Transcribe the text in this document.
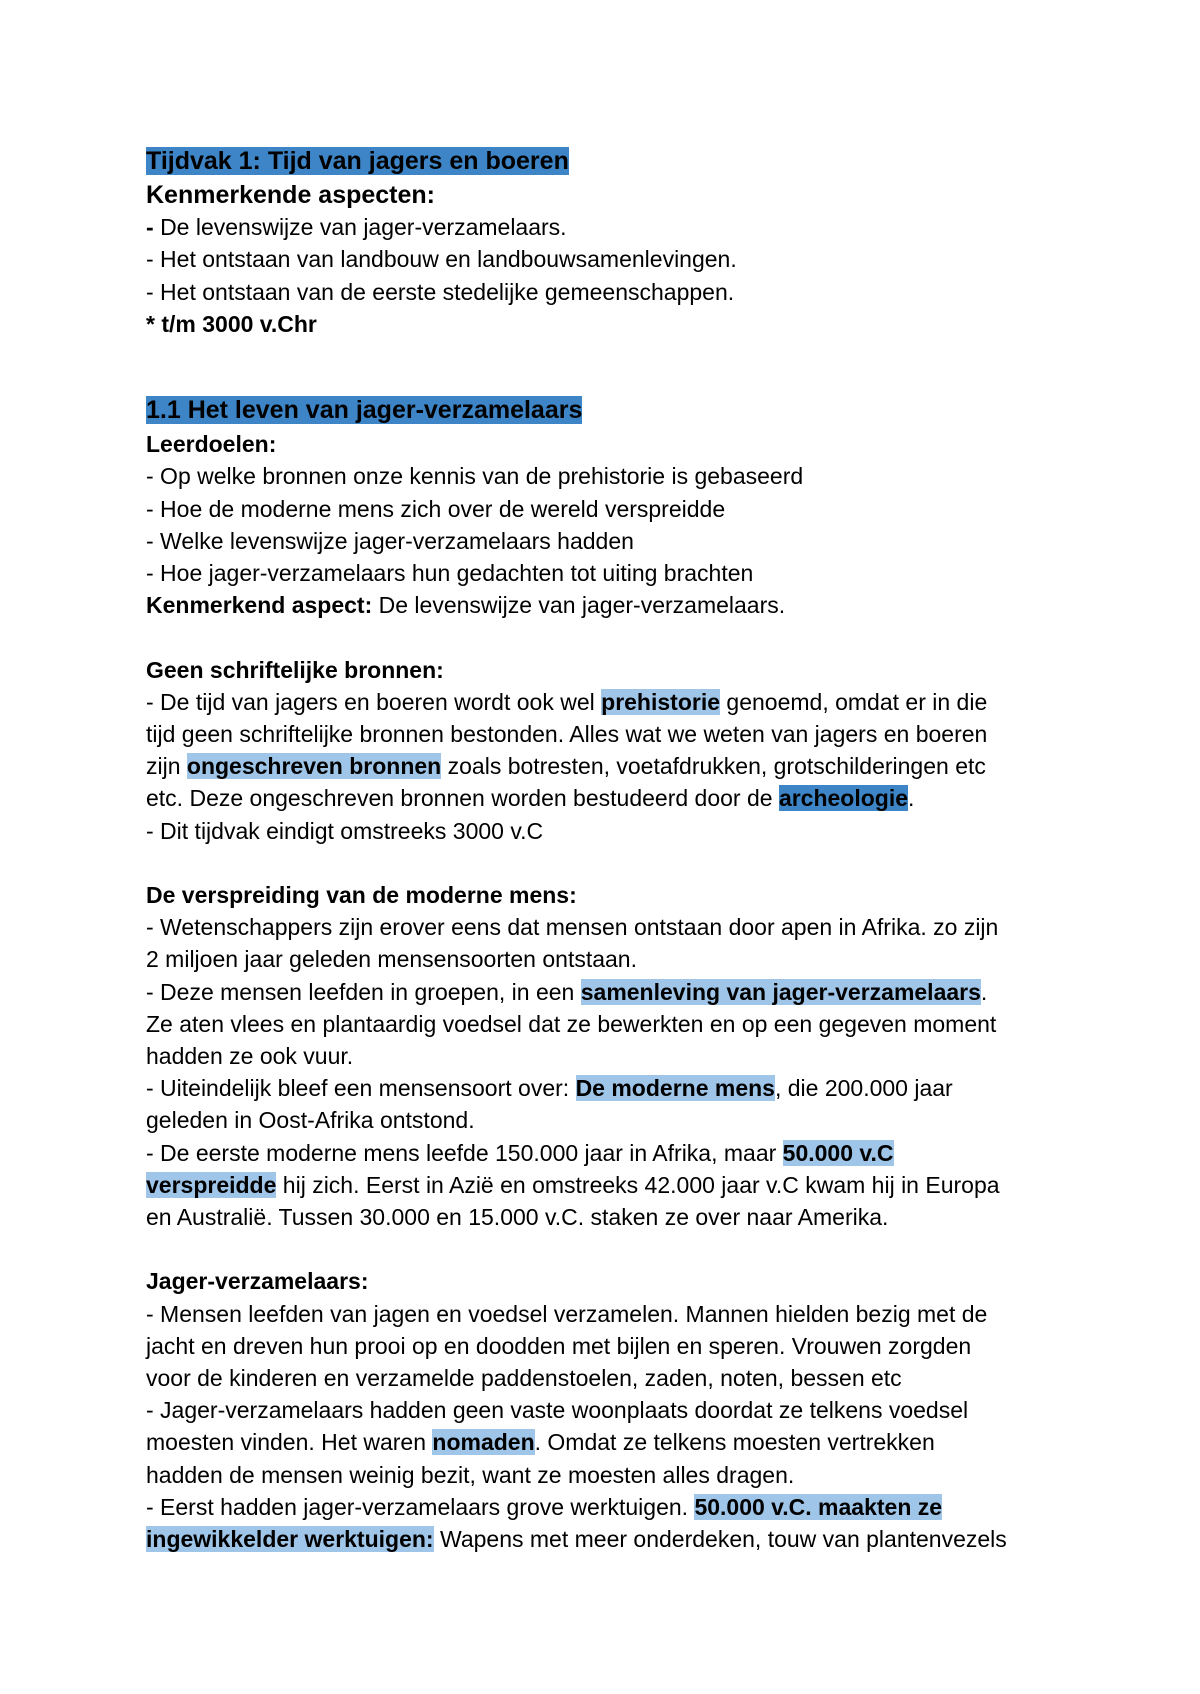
Tijdvak 1: Tijd van jagers en boeren
Kenmerkende aspecten:
- De levenswijze van jager-verzamelaars.
- Het ontstaan van landbouw en landbouwsamenlevingen.
- Het ontstaan van de eerste stedelijke gemeenschappen.
* t/m 3000 v.Chr
1.1 Het leven van jager-verzamelaars
Leerdoelen:
- Op welke bronnen onze kennis van de prehistorie is gebaseerd
- Hoe de moderne mens zich over de wereld verspreidde
- Welke levenswijze jager-verzamelaars hadden
- Hoe jager-verzamelaars hun gedachten tot uiting brachten
Kenmerkend aspect: De levenswijze van jager-verzamelaars.
Geen schriftelijke bronnen:
- De tijd van jagers en boeren wordt ook wel prehistorie genoemd, omdat er in die
tijd geen schriftelijke bronnen bestonden. Alles wat we weten van jagers en boeren
zijn ongeschreven bronnen zoals botresten, voetafdrukken, grotschilderingen etc
etc. Deze ongeschreven bronnen worden bestudeerd door de archeologie.
- Dit tijdvak eindigt omstreeks 3000 v.C
De verspreiding van de moderne mens:
- Wetenschappers zijn erover eens dat mensen ontstaan door apen in Afrika. zo zijn
2 miljoen jaar geleden mensensoorten ontstaan.
- Deze mensen leefden in groepen, in een samenleving van jager-verzamelaars.
Ze aten vlees en plantaardig voedsel dat ze bewerkten en op een gegeven moment
hadden ze ook vuur.
- Uiteindelijk bleef een mensensoort over: De moderne mens, die 200.000 jaar
geleden in Oost-Afrika ontstond.
- De eerste moderne mens leefde 150.000 jaar in Afrika, maar 50.000 v.C
verspreidde hij zich. Eerst in Azië en omstreeks 42.000 jaar v.C kwam hij in Europa
en Australië. Tussen 30.000 en 15.000 v.C. staken ze over naar Amerika.
Jager-verzamelaars:
- Mensen leefden van jagen en voedsel verzamelen. Mannen hielden bezig met de
jacht en dreven hun prooi op en doodden met bijlen en speren. Vrouwen zorgden
voor de kinderen en verzamelde paddenstoelen, zaden, noten, bessen etc
- Jager-verzamelaars hadden geen vaste woonplaats doordat ze telkens voedsel
moesten vinden. Het waren nomaden. Omdat ze telkens moesten vertrekken
hadden de mensen weinig bezit, want ze moesten alles dragen.
- Eerst hadden jager-verzamelaars grove werktuigen. 50.000 v.C. maakten ze
ingewikkelder werktuigen: Wapens met meer onderdeken, touw van plantenvezels
